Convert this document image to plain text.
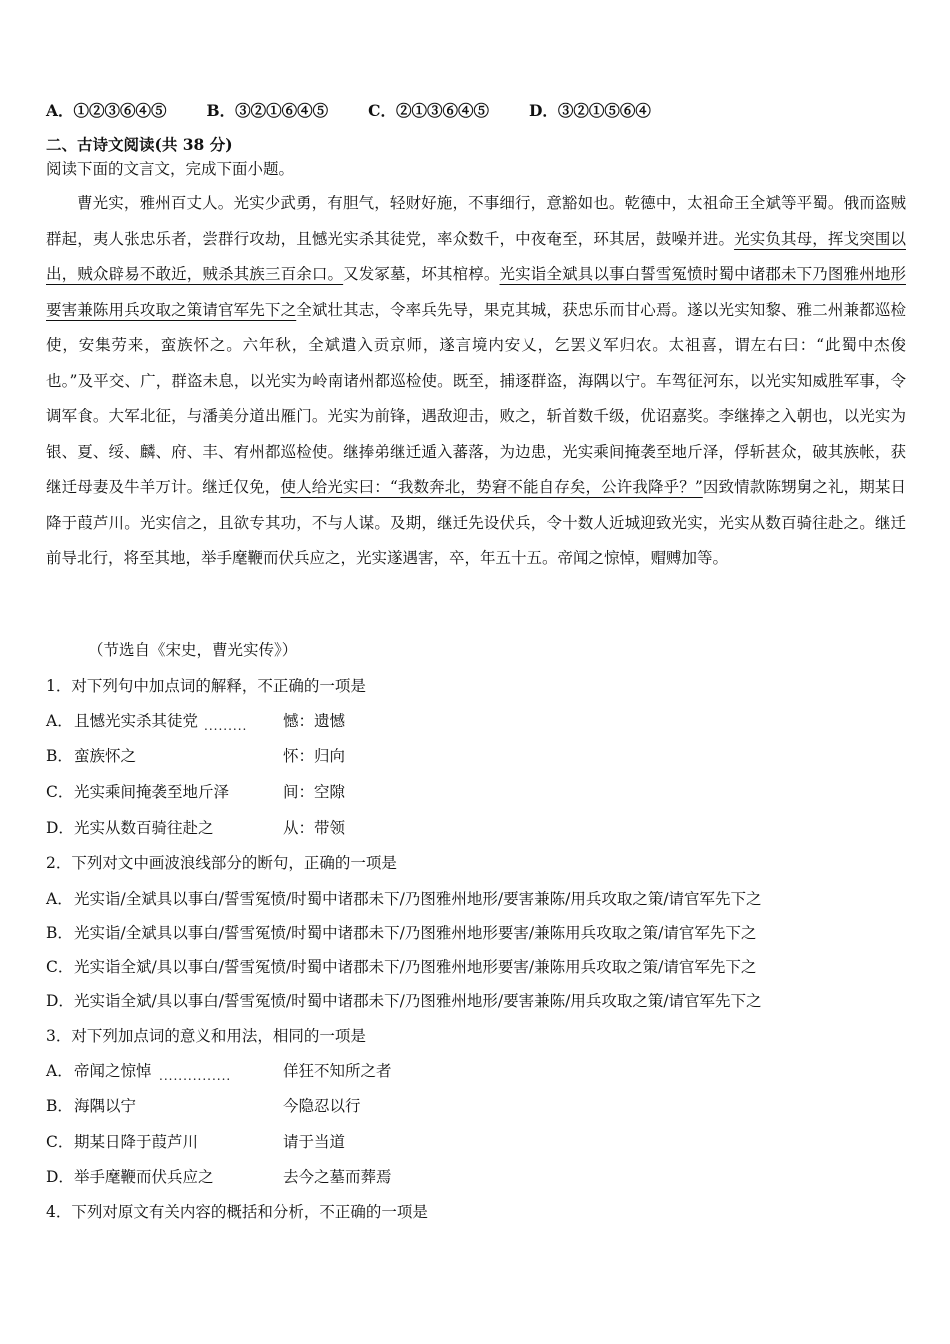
A．①②③⑥④⑤	B．③②①⑥④⑤	C．②①③⑥④⑤	D．③②①⑤⑥④
二、古诗文阅读(共 38 分)
阅读下面的文言文，完成下面小题。
曹光实，雅州百丈人。光实少武勇，有胆气，轻财好施，不事细行，意豁如也。乾德中，太祖命王全斌等平蜀。俄而盗贼群起，夷人张忠乐者，尝群行攻劫，且憾光实杀其徒党，率众数千，中夜奄至，环其居，鼓噪并进。光实负其母，挥戈突围以出，贼众辟易不敢近，贼杀其族三百余口。又发冢墓，坏其棺椁。光实诣全斌具以事白誓雪冤愤时蜀中诸郡未下乃图雅州地形要害兼陈用兵攻取之策请官军先下之全斌壮其志，令率兵先导，果克其城，获忠乐而甘心焉。遂以光实知黎、雅二州兼都巡检使，安集劳来，蛮族怀之。六年秋，全斌遣入贡京师，遂言境内安乂，乞罢义军归农。太祖喜，谓左右曰：“此蜀中杰俊也。”及平交、广，群盗未息，以光实为岭南诸州都巡检使。既至，捕逐群盗，海隅以宁。车驾征河东，以光实知威胜军事，令调军食。大军北征，与潘美分道出雁门。光实为前锋，遇敌迎击，败之，斩首数千级，优诏嘉奖。李继捧之入朝也，以光实为银、夏、绥、麟、府、丰、宥州都巡检使。继捧弟继迁遁入蕃落，为边患，光实乘间掩袭至地斤泽，俘斩甚众，破其族帐，获继迁母妻及牛羊万计。继迁仅免，使人给光实曰：“我数奔北，势窘不能自存矣，公许我降乎？”因致情款陈甥舅之礼，期某日降于葭芦川。光实信之，且欲专其功，不与人谋。及期，继迁先设伏兵，令十数人近城迎致光实，光实从数百骑往赴之。继迁前导北行，将至其地，举手麾鞭而伏兵应之，光实遂遇害，卒，年五十五。帝闻之惊悼，赗赙加等。
（节选自《宋史，曹光实传》）
1．对下列句中加点词的解释，不正确的一项是
A．且憾光实杀其徒党 ......... 憾：遗憾
B．蛮族怀之	怀：归向
C．光实乘间掩袭至地斤泽	间：空隙
D．光实从数百骑往赴之	从：带领
2．下列对文中画波浪线部分的断句，正确的一项是
A．光实诣/全斌具以事白/誓雪冤愤/时蜀中诸郡未下/乃图雅州地形/要害兼陈/用兵攻取之策/请官军先下之
B．光实诣/全斌具以事白/誓雪冤愤/时蜀中诸郡未下/乃图雅州地形要害/兼陈用兵攻取之策/请官军先下之
C．光实诣全斌/具以事白/誓雪冤愤/时蜀中诸郡未下/乃图雅州地形要害/兼陈用兵攻取之策/请官军先下之
D．光实诣全斌/具以事白/誓雪冤愤/时蜀中诸郡未下/乃图雅州地形/要害兼陈/用兵攻取之策/请官军先下之
3．对下列加点词的意义和用法，相同的一项是
A．帝闻之惊悼 ...............	佯狂不知所之者
B．海隅以宁	今隐忍以行
C．期某日降于葭芦川	请于当道
D．举手麾鞭而伏兵应之	去今之墓而葬焉
4．下列对原文有关内容的概括和分析，不正确的一项是
